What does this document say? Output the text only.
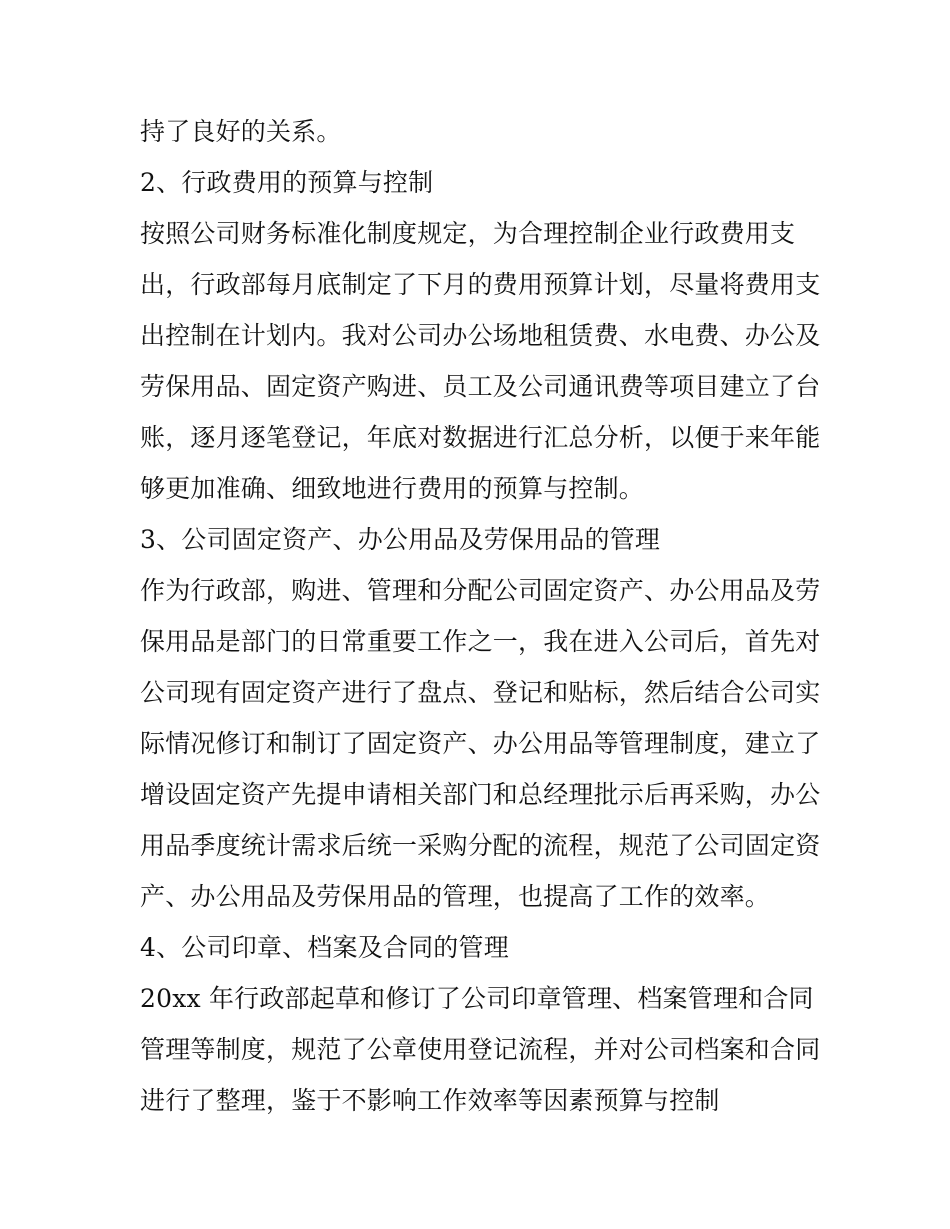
持了良好的关系。
2、行政费用的预算与控制
按照公司财务标准化制度规定，为合理控制企业行政费用支
出，行政部每月底制定了下月的费用预算计划，尽量将费用支
出控制在计划内。我对公司办公场地租赁费、水电费、办公及
劳保用品、固定资产购进、员工及公司通讯费等项目建立了台
账，逐月逐笔登记，年底对数据进行汇总分析，以便于来年能
够更加准确、细致地进行费用的预算与控制。
3、公司固定资产、办公用品及劳保用品的管理
作为行政部，购进、管理和分配公司固定资产、办公用品及劳
保用品是部门的日常重要工作之一，我在进入公司后，首先对
公司现有固定资产进行了盘点、登记和贴标，然后结合公司实
际情况修订和制订了固定资产、办公用品等管理制度，建立了
增设固定资产先提申请相关部门和总经理批示后再采购，办公
用品季度统计需求后统一采购分配的流程，规范了公司固定资
产、办公用品及劳保用品的管理，也提高了工作的效率。
4、公司印章、档案及合同的管理
20xx 年行政部起草和修订了公司印章管理、档案管理和合同
管理等制度，规范了公章使用登记流程，并对公司档案和合同
进行了整理，鉴于不影响工作效率等因素预算与控制
